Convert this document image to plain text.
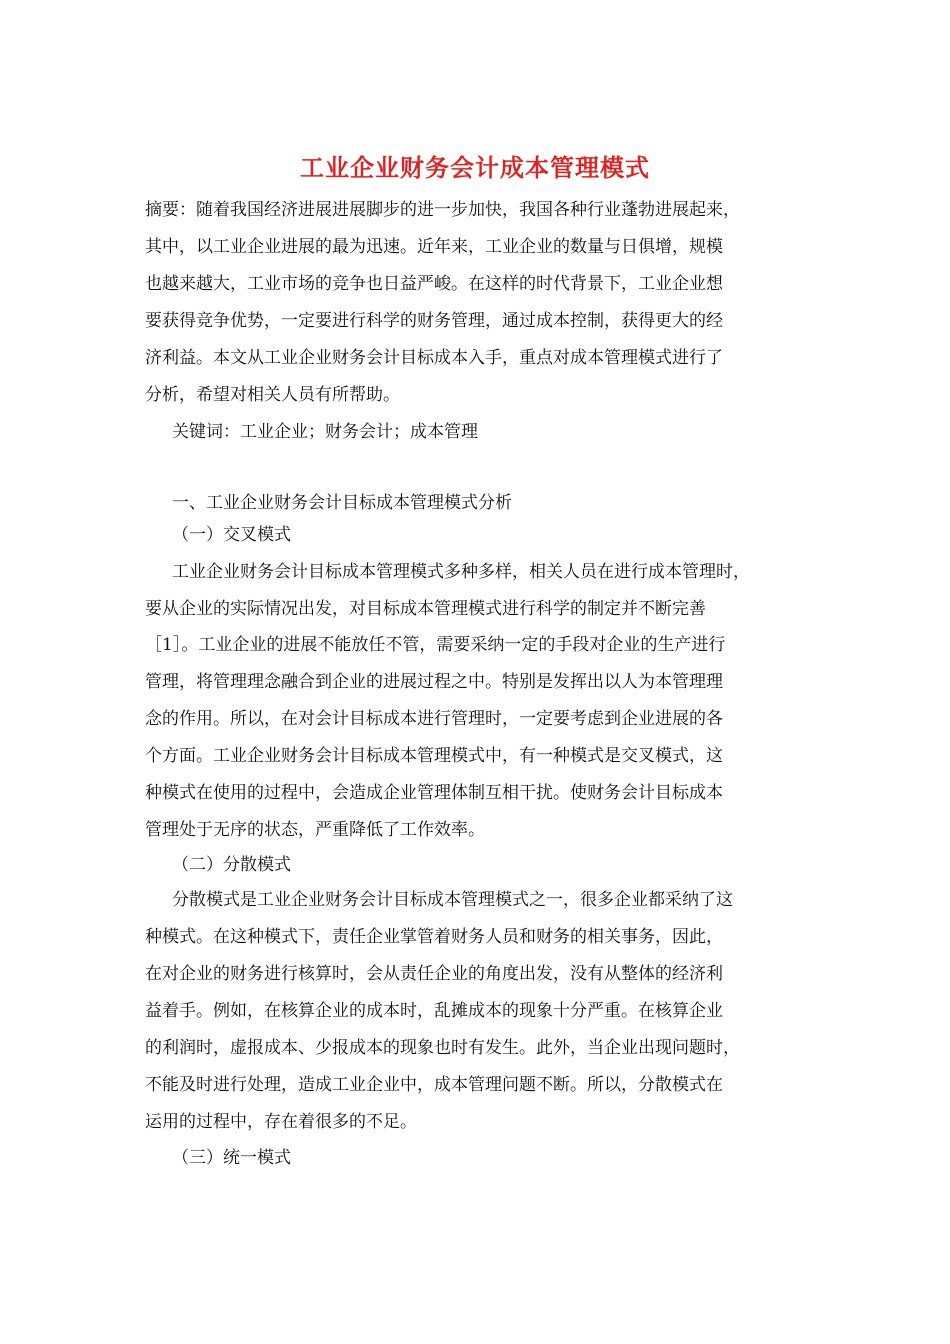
工业企业财务会计成本管理模式
摘要：随着我国经济进展进展脚步的进一步加快，我国各种行业蓬勃进展起来，
其中，以工业企业进展的最为迅速。近年来，工业企业的数量与日俱增，规模
也越来越大，工业市场的竞争也日益严峻。在这样的时代背景下，工业企业想
要获得竞争优势，一定要进行科学的财务管理，通过成本控制，获得更大的经
济利益。本文从工业企业财务会计目标成本入手，重点对成本管理模式进行了
分析，希望对相关人员有所帮助。
关键词：工业企业；财务会计；成本管理
一、工业企业财务会计目标成本管理模式分析
（一）交叉模式
工业企业财务会计目标成本管理模式多种多样，相关人员在进行成本管理时，
要从企业的实际情况出发，对目标成本管理模式进行科学的制定并不断完善
［1］。工业企业的进展不能放任不管，需要采纳一定的手段对企业的生产进行
管理，将管理理念融合到企业的进展过程之中。特别是发挥出以人为本管理理
念的作用。所以，在对会计目标成本进行管理时，一定要考虑到企业进展的各
个方面。工业企业财务会计目标成本管理模式中，有一种模式是交叉模式，这
种模式在使用的过程中，会造成企业管理体制互相干扰。使财务会计目标成本
管理处于无序的状态，严重降低了工作效率。
（二）分散模式
分散模式是工业企业财务会计目标成本管理模式之一，很多企业都采纳了这
种模式。在这种模式下，责任企业掌管着财务人员和财务的相关事务，因此，
在对企业的财务进行核算时，会从责任企业的角度出发，没有从整体的经济利
益着手。例如，在核算企业的成本时，乱摊成本的现象十分严重。在核算企业
的利润时，虚报成本、少报成本的现象也时有发生。此外，当企业出现问题时，
不能及时进行处理，造成工业企业中，成本管理问题不断。所以，分散模式在
运用的过程中，存在着很多的不足。
（三）统一模式
